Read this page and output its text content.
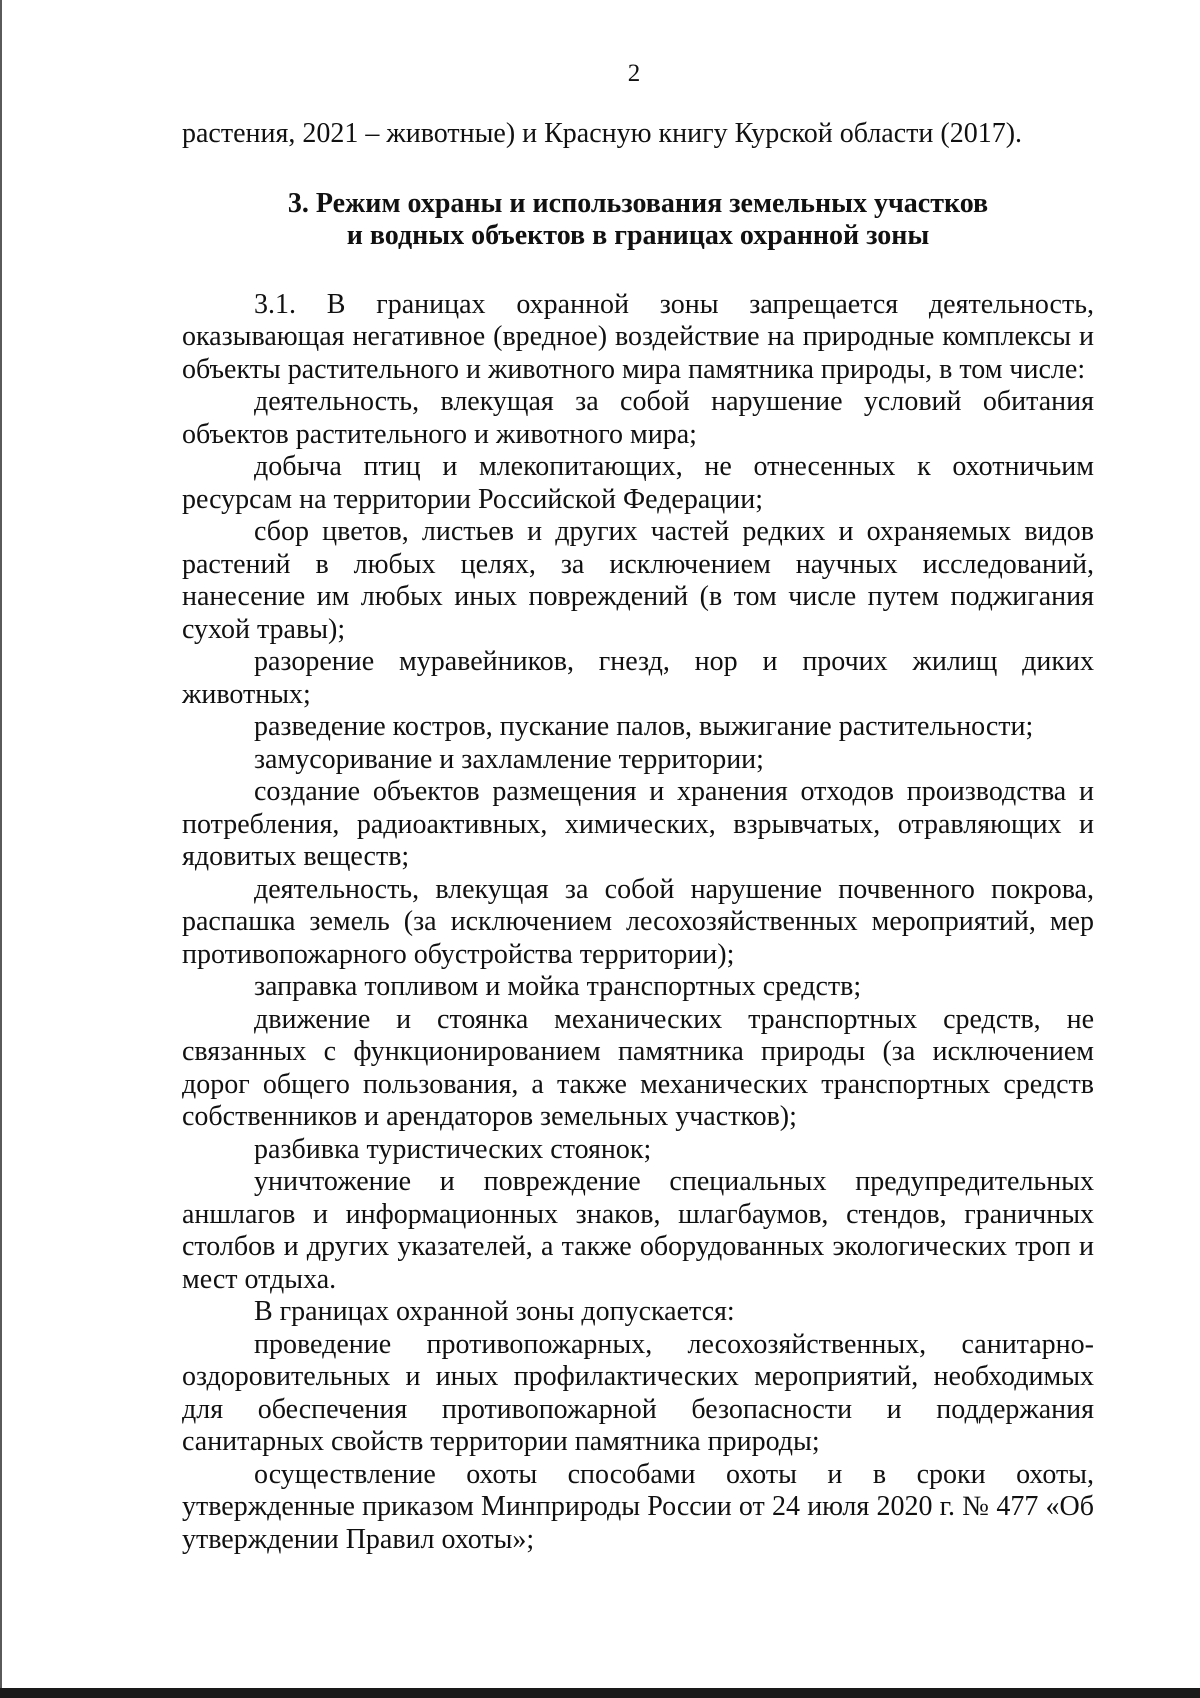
2

растения, 2021 – животные) и Красную книгу Курской области (2017).

3. Режим охраны и использования земельных участков
и водных объектов в границах охранной зоны

3.1. В границах охранной зоны запрещается деятельность, оказывающая негативное (вредное) воздействие на природные комплексы и объекты растительного и животного мира памятника природы, в том числе:

деятельность, влекущая за собой нарушение условий обитания объектов растительного и животного мира;

добыча птиц и млекопитающих, не отнесенных к охотничьим ресурсам на территории Российской Федерации;

сбор цветов, листьев и других частей редких и охраняемых видов растений в любых целях, за исключением научных исследований, нанесение им любых иных повреждений (в том числе путем поджигания сухой травы);

разорение муравейников, гнезд, нор и прочих жилищ диких животных;

разведение костров, пускание палов, выжигание растительности;

замусоривание и захламление территории;

создание объектов размещения и хранения отходов производства и потребления, радиоактивных, химических, взрывчатых, отравляющих и ядовитых веществ;

деятельность, влекущая за собой нарушение почвенного покрова, распашка земель (за исключением лесохозяйственных мероприятий, мер противопожарного обустройства территории);

заправка топливом и мойка транспортных средств;

движение и стоянка механических транспортных средств, не связанных с функционированием памятника природы (за исключением дорог общего пользования, а также механических транспортных средств собственников и арендаторов земельных участков);

разбивка туристических стоянок;

уничтожение и повреждение специальных предупредительных аншлагов и информационных знаков, шлагбаумов, стендов, граничных столбов и других указателей, а также оборудованных экологических троп и мест отдыха.

В границах охранной зоны допускается:

проведение противопожарных, лесохозяйственных, санитарно-оздоровительных и иных профилактических мероприятий, необходимых для обеспечения противопожарной безопасности и поддержания санитарных свойств территории памятника природы;

осуществление охоты способами охоты и в сроки охоты, утвержденные приказом Минприроды России от 24 июля 2020 г. № 477 «Об утверждении Правил охоты»;
